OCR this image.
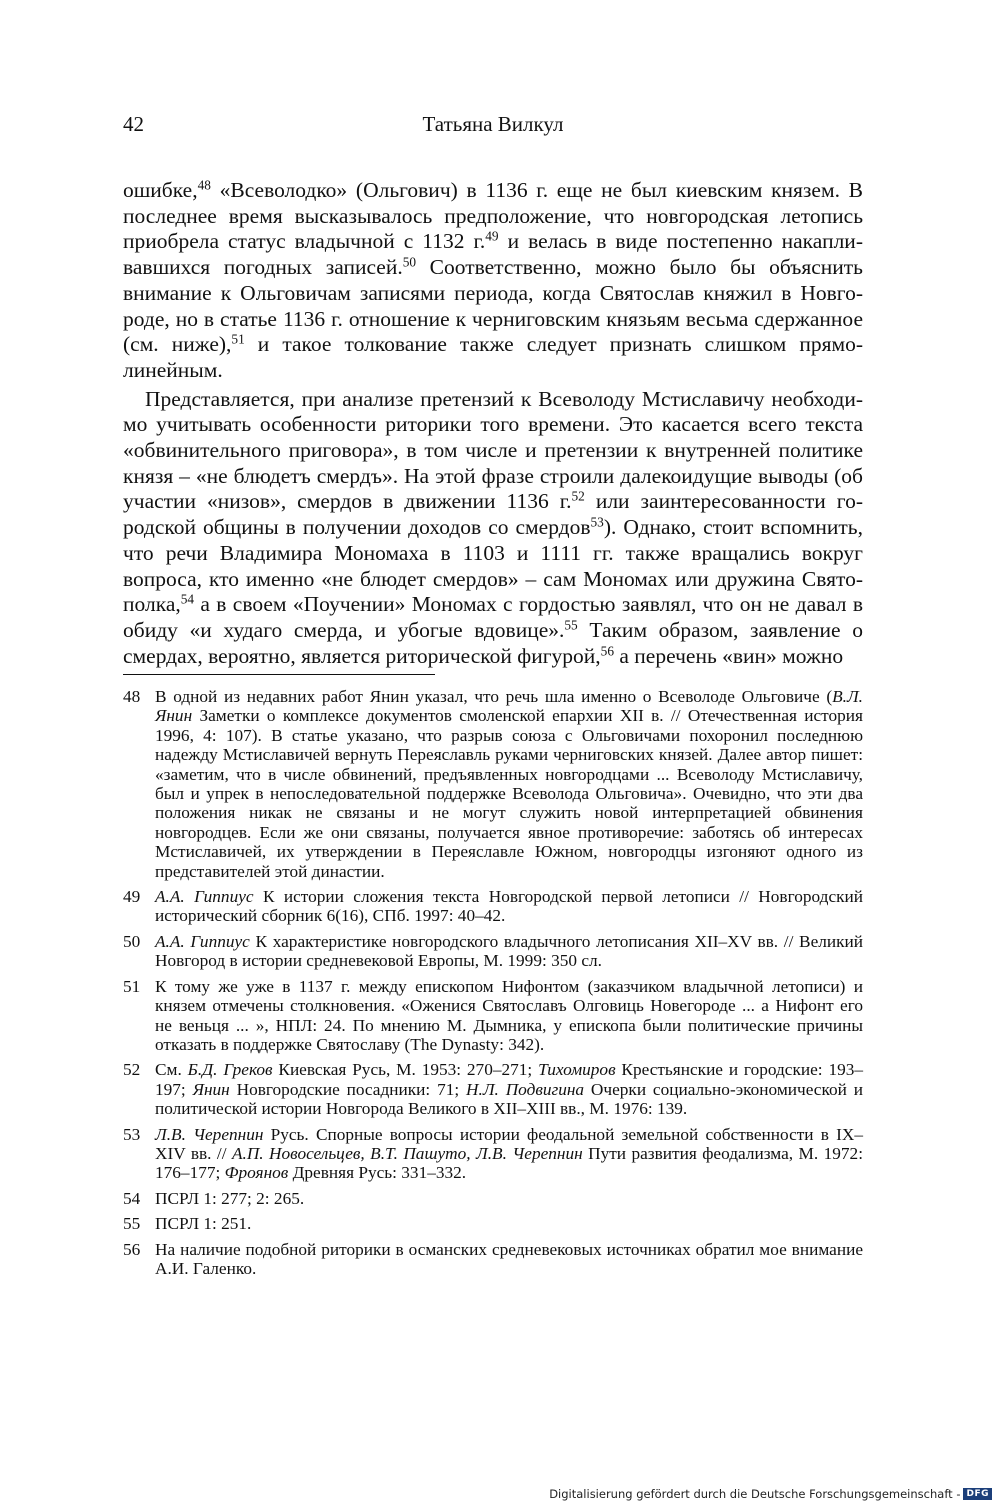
42	Татьяна Вилкул

ошибке,$^{48}$ «Всеволодко» (Ольгович) в 1136 г. еще не был киевским князем. В последнее время высказывалось предположение, что новгородская летопись приобрела статус владычной с 1132 г.$^{49}$ и велась в виде постепенно накапливавшихся погодных записей.$^{50}$ Соответственно, можно было бы объяснить внимание к Ольговичам записями периода, когда Святослав княжил в Новгороде, но в статье 1136 г. отношение к черниговским князьям весьма сдержанное (см. ниже),$^{51}$ и такое толкование также следует признать слишком прямолинейным.

Представляется, при анализе претензий к Всеволоду Мстиславичу необходимо учитывать особенности риторики того времени. Это касается всего текста «обвинительного приговора», в том числе и претензии к внутренней политике князя – «не блюдетъ смердъ». На этой фразе строили далекоидущие выводы (об участии «низов», смердов в движении 1136 г.$^{52}$ или заинтересованности городской общины в получении доходов со смердов$^{53}$). Однако, стоит вспомнить, что речи Владимира Мономаха в 1103 и 1111 гг. также вращались вокруг вопроса, кто именно «не блюдет смердов» – сам Мономах или дружина Святополка,$^{54}$ а в своем «Поучении» Мономах с гордостью заявлял, что он не давал в обиду «и худаго смерда, и убогые вдовице».$^{55}$ Таким образом, заявление о смердах, вероятно, является риторической фигурой,$^{56}$ а перечень «вин» можно

48 В одной из недавних работ Янин указал, что речь шла именно о Всеволоде Ольговиче (В.Л. Янин Заметки о комплексе документов смоленской епархии XII в. // Отечественная история 1996, 4: 107). В статье указано, что разрыв союза с Ольговичами похоронил последнюю надежду Мстиславичей вернуть Переяславль руками черниговских князей. Далее автор пишет: «заметим, что в числе обвинений, предъявленных новгородцами ... Всеволоду Мстиславичу, был и упрек в непоследовательной поддержке Всеволода Ольговича». Очевидно, что эти два положения никак не связаны и не могут служить новой интерпретацией обвинения новгородцев. Если же они связаны, получается явное противоречие: заботясь об интересах Мстиславичей, их утверждении в Переяславле Южном, новгородцы изгоняют одного из представителей этой династии.
49 А.А. Гиппиус К истории сложения текста Новгородской первой летописи // Новгородский исторический сборник 6(16), СПб. 1997: 40–42.
50 А.А. Гиппиус К характеристике новгородского владычного летописания XII–XV вв. // Великий Новгород в истории средневековой Европы, М. 1999: 350 сл.
51 К тому же уже в 1137 г. между епископом Нифонтом (заказчиком владычной летописи) и князем отмечены столкновения. «Оженися Святославъ Олговиць Новегороде ... а Нифонт его не веньця ... », НПЛ: 24. По мнению М. Дымника, у епископа были политические причины отказать в поддержке Святославу (The Dynasty: 342).
52 См. Б.Д. Греков Киевская Русь, М. 1953: 270–271; Тихомиров Крестьянские и городские: 193–197; Янин Новгородские посадники: 71; Н.Л. Подвигина Очерки социально-экономической и политической истории Новгорода Великого в XII–XIII вв., М. 1976: 139.
53 Л.В. Черепнин Русь. Спорные вопросы истории феодальной земельной собственности в IX–XIV вв. // А.П. Новосельцев, В.Т. Пашуто, Л.В. Черепнин Пути развития феодализма, М. 1972: 176–177; Фроянов Древняя Русь: 331–332.
54 ПСРЛ 1: 277; 2: 265.
55 ПСРЛ 1: 251.
56 На наличие подобной риторики в османских средневековых источниках обратил мое внимание А.И. Галенко.
Digitalisierung gefördert durch die Deutsche Forschungsgemeinschaft - DFG
